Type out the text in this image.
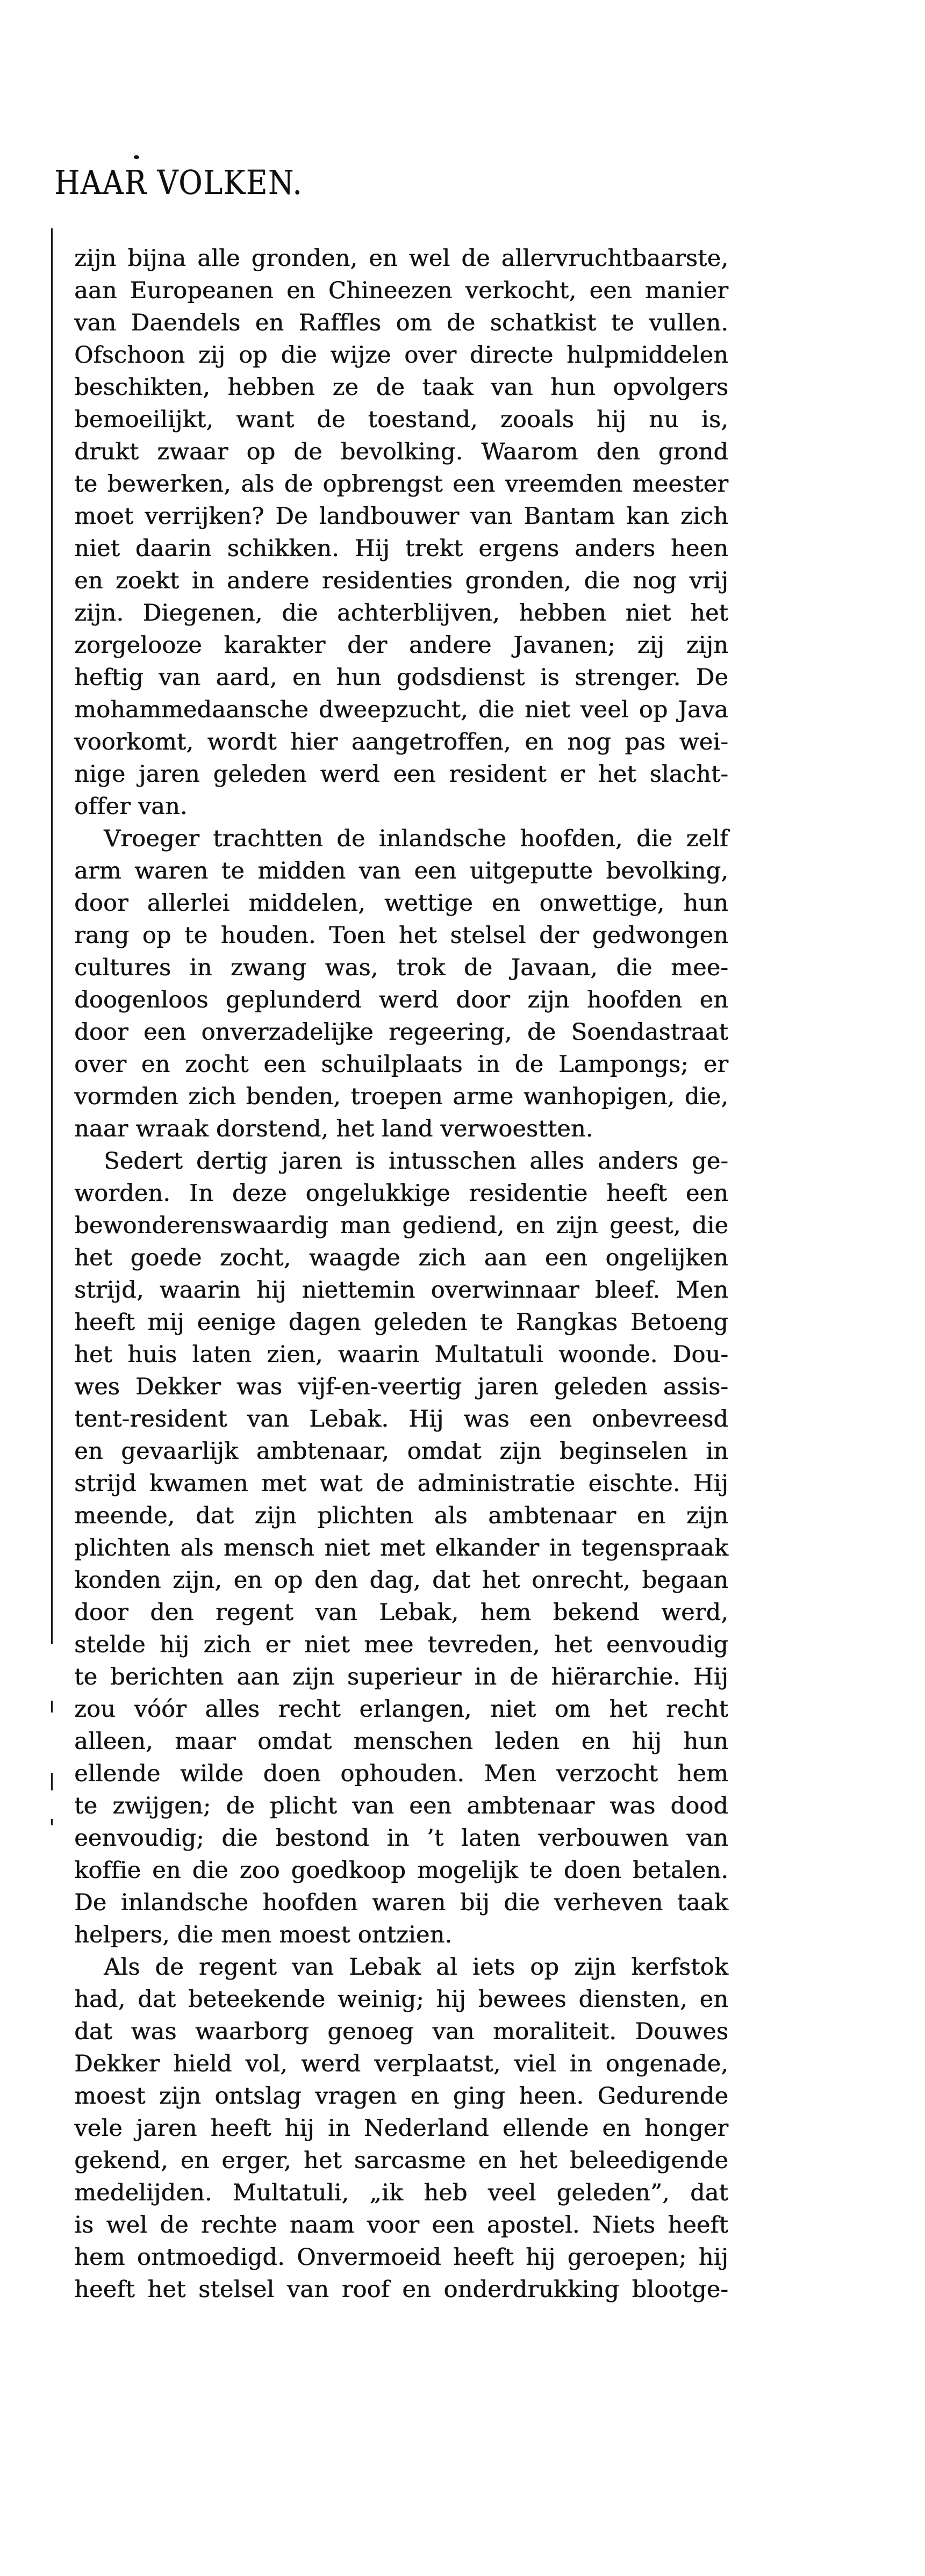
HAAR VOLKEN.
zijn bijna alle gronden, en wel de allervruchtbaarste,
aan Europeanen en Chineezen verkocht, een manier
van Daendels en Raffles om de schatkist te vullen.
Ofschoon zij op die wijze over directe hulpmiddelen
beschikten, hebben ze de taak van hun opvolgers
bemoeilijkt, want de toestand, zooals hij nu is,
drukt zwaar op de bevolking. Waarom den grond
te bewerken, als de opbrengst een vreemden meester
moet verrijken? De landbouwer van Bantam kan zich
niet daarin schikken. Hij trekt ergens anders heen
en zoekt in andere residenties gronden, die nog vrij
zijn. Diegenen, die achterblijven, hebben niet het
zorgelooze karakter der andere Javanen; zij zijn
heftig van aard, en hun godsdienst is strenger. De
mohammedaansche dweepzucht, die niet veel op Java
voorkomt, wordt hier aangetroffen, en nog pas wei-
nige jaren geleden werd een resident er het slacht-
offer van.
Vroeger trachtten de inlandsche hoofden, die zelf
arm waren te midden van een uitgeputte bevolking,
door allerlei middelen, wettige en onwettige, hun
rang op te houden. Toen het stelsel der gedwongen
cultures in zwang was, trok de Javaan, die mee-
doogenloos geplunderd werd door zijn hoofden en
door een onverzadelijke regeering, de Soendastraat
over en zocht een schuilplaats in de Lampongs; er
vormden zich benden, troepen arme wanhopigen, die,
naar wraak dorstend, het land verwoestten.
Sedert dertig jaren is intusschen alles anders ge-
worden. In deze ongelukkige residentie heeft een
bewonderenswaardig man gediend, en zijn geest, die
het goede zocht, waagde zich aan een ongelijken
strijd, waarin hij niettemin overwinnaar bleef. Men
heeft mij eenige dagen geleden te Rangkas Betoeng
het huis laten zien, waarin Multatuli woonde. Dou-
wes Dekker was vijf-en-veertig jaren geleden assis-
tent-resident van Lebak. Hij was een onbevreesd
en gevaarlijk ambtenaar, omdat zijn beginselen in
strijd kwamen met wat de administratie eischte. Hij
meende, dat zijn plichten als ambtenaar en zijn
plichten als mensch niet met elkander in tegenspraak
konden zijn, en op den dag, dat het onrecht, begaan
door den regent van Lebak, hem bekend werd,
stelde hij zich er niet mee tevreden, het eenvoudig
te berichten aan zijn superieur in de hiërarchie. Hij
zou vóór alles recht erlangen, niet om het recht
alleen, maar omdat menschen leden en hij hun
ellende wilde doen ophouden. Men verzocht hem
te zwijgen; de plicht van een ambtenaar was dood
eenvoudig; die bestond in ’t laten verbouwen van
koffie en die zoo goedkoop mogelijk te doen betalen.
De inlandsche hoofden waren bij die verheven taak
helpers, die men moest ontzien.
Als de regent van Lebak al iets op zijn kerfstok
had, dat beteekende weinig; hij bewees diensten, en
dat was waarborg genoeg van moraliteit. Douwes
Dekker hield vol, werd verplaatst, viel in ongenade,
moest zijn ontslag vragen en ging heen. Gedurende
vele jaren heeft hij in Nederland ellende en honger
gekend, en erger, het sarcasme en het beleedigende
medelijden. Multatuli, „ik heb veel geleden”, dat
is wel de rechte naam voor een apostel. Niets heeft
hem ontmoedigd. Onvermoeid heeft hij geroepen; hij
heeft het stelsel van roof en onderdrukking blootge-
